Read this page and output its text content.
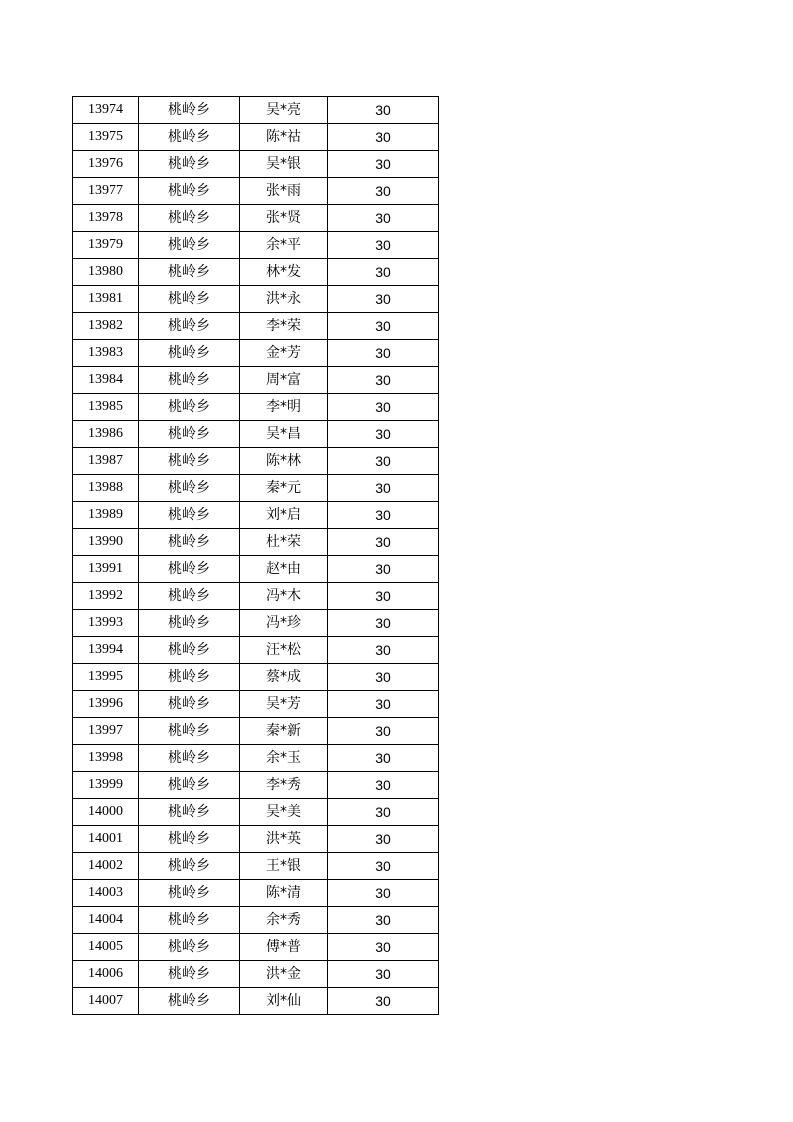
13974	桃岭乡	吴*亮	30
13975	桃岭乡	陈*祜	30
13976	桃岭乡	吴*银	30
13977	桃岭乡	张*雨	30
13978	桃岭乡	张*贤	30
13979	桃岭乡	余*平	30
13980	桃岭乡	林*发	30
13981	桃岭乡	洪*永	30
13982	桃岭乡	李*荣	30
13983	桃岭乡	金*芳	30
13984	桃岭乡	周*富	30
13985	桃岭乡	李*明	30
13986	桃岭乡	吴*昌	30
13987	桃岭乡	陈*林	30
13988	桃岭乡	秦*元	30
13989	桃岭乡	刘*启	30
13990	桃岭乡	杜*荣	30
13991	桃岭乡	赵*由	30
13992	桃岭乡	冯*木	30
13993	桃岭乡	冯*珍	30
13994	桃岭乡	汪*松	30
13995	桃岭乡	蔡*成	30
13996	桃岭乡	吴*芳	30
13997	桃岭乡	秦*新	30
13998	桃岭乡	余*玉	30
13999	桃岭乡	李*秀	30
14000	桃岭乡	吴*美	30
14001	桃岭乡	洪*英	30
14002	桃岭乡	王*银	30
14003	桃岭乡	陈*清	30
14004	桃岭乡	余*秀	30
14005	桃岭乡	傅*普	30
14006	桃岭乡	洪*金	30
14007	桃岭乡	刘*仙	30
